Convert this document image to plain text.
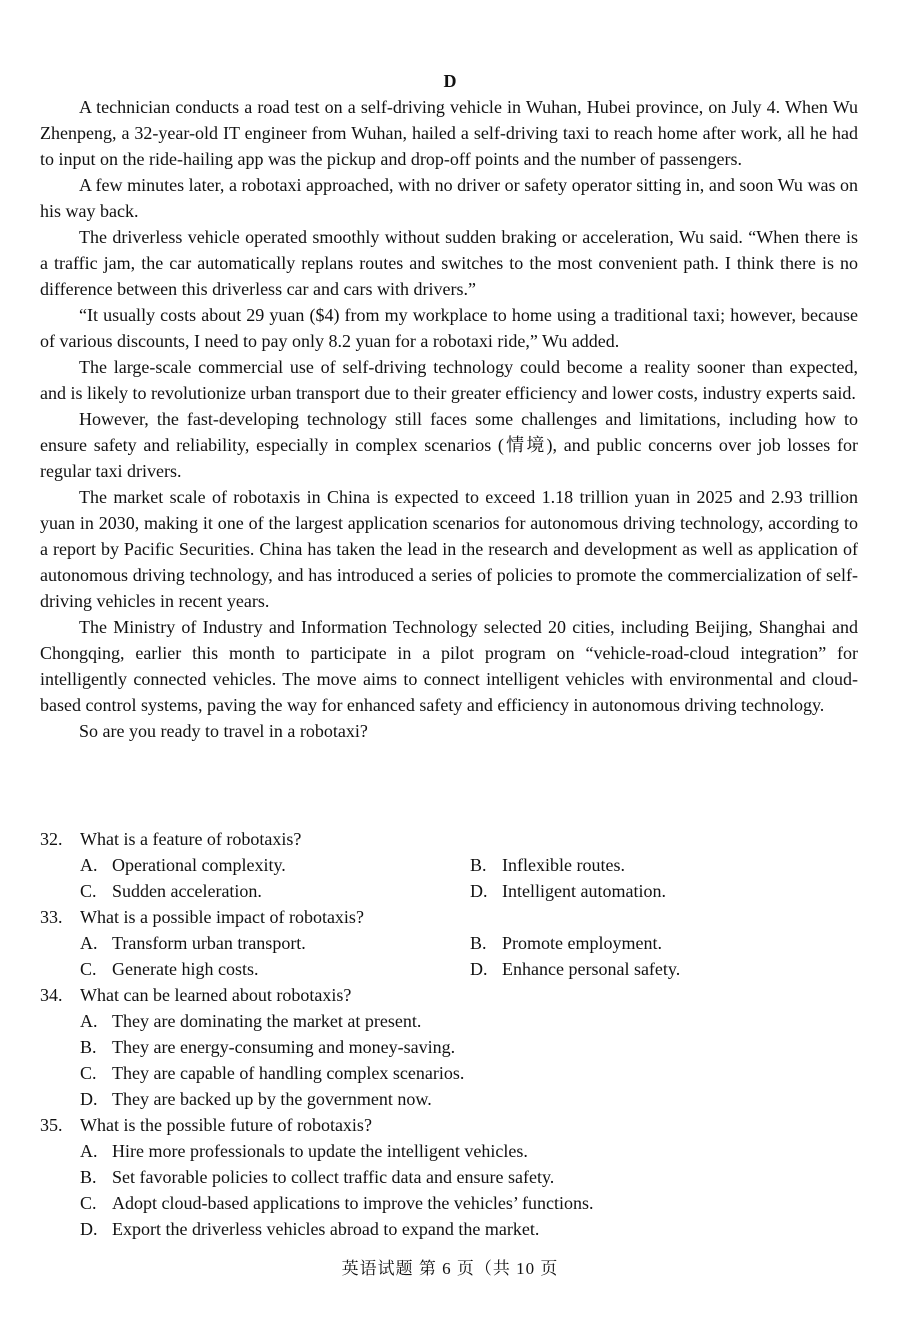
D

A technician conducts a road test on a self-driving vehicle in Wuhan, Hubei province, on July 4. When Wu Zhenpeng, a 32-year-old IT engineer from Wuhan, hailed a self-driving taxi to reach home after work, all he had to input on the ride-hailing app was the pickup and drop-off points and the number of passengers.

A few minutes later, a robotaxi approached, with no driver or safety operator sitting in, and soon Wu was on his way back.

The driverless vehicle operated smoothly without sudden braking or acceleration, Wu said. “When there is a traffic jam, the car automatically replans routes and switches to the most convenient path. I think there is no difference between this driverless car and cars with drivers.”

“It usually costs about 29 yuan ($4) from my workplace to home using a traditional taxi; however, because of various discounts, I need to pay only 8.2 yuan for a robotaxi ride,” Wu added.

The large-scale commercial use of self-driving technology could become a reality sooner than expected, and is likely to revolutionize urban transport due to their greater efficiency and lower costs, industry experts said.

However, the fast-developing technology still faces some challenges and limitations, including how to ensure safety and reliability, especially in complex scenarios (情境), and public concerns over job losses for regular taxi drivers.

The market scale of robotaxis in China is expected to exceed 1.18 trillion yuan in 2025 and 2.93 trillion yuan in 2030, making it one of the largest application scenarios for autonomous driving technology, according to a report by Pacific Securities. China has taken the lead in the research and development as well as application of autonomous driving technology, and has introduced a series of policies to promote the commercialization of self-driving vehicles in recent years.

The Ministry of Industry and Information Technology selected 20 cities, including Beijing, Shanghai and Chongqing, earlier this month to participate in a pilot program on “vehicle-road-cloud integration” for intelligently connected vehicles. The move aims to connect intelligent vehicles with environmental and cloud-based control systems, paving the way for enhanced safety and efficiency in autonomous driving technology.

So are you ready to travel in a robotaxi?

32. What is a feature of robotaxis?
A. Operational complexity.	B. Inflexible routes.
C. Sudden acceleration.	D. Intelligent automation.
33. What is a possible impact of robotaxis?
A. Transform urban transport.	B. Promote employment.
C. Generate high costs.	D. Enhance personal safety.
34. What can be learned about robotaxis?
A. They are dominating the market at present.
B. They are energy-consuming and money-saving.
C. They are capable of handling complex scenarios.
D. They are backed up by the government now.
35. What is the possible future of robotaxis?
A. Hire more professionals to update the intelligent vehicles.
B. Set favorable policies to collect traffic data and ensure safety.
C. Adopt cloud-based applications to improve the vehicles’ functions.
D. Export the driverless vehicles abroad to expand the market.
英语试题 第 6 页（共 10 页
